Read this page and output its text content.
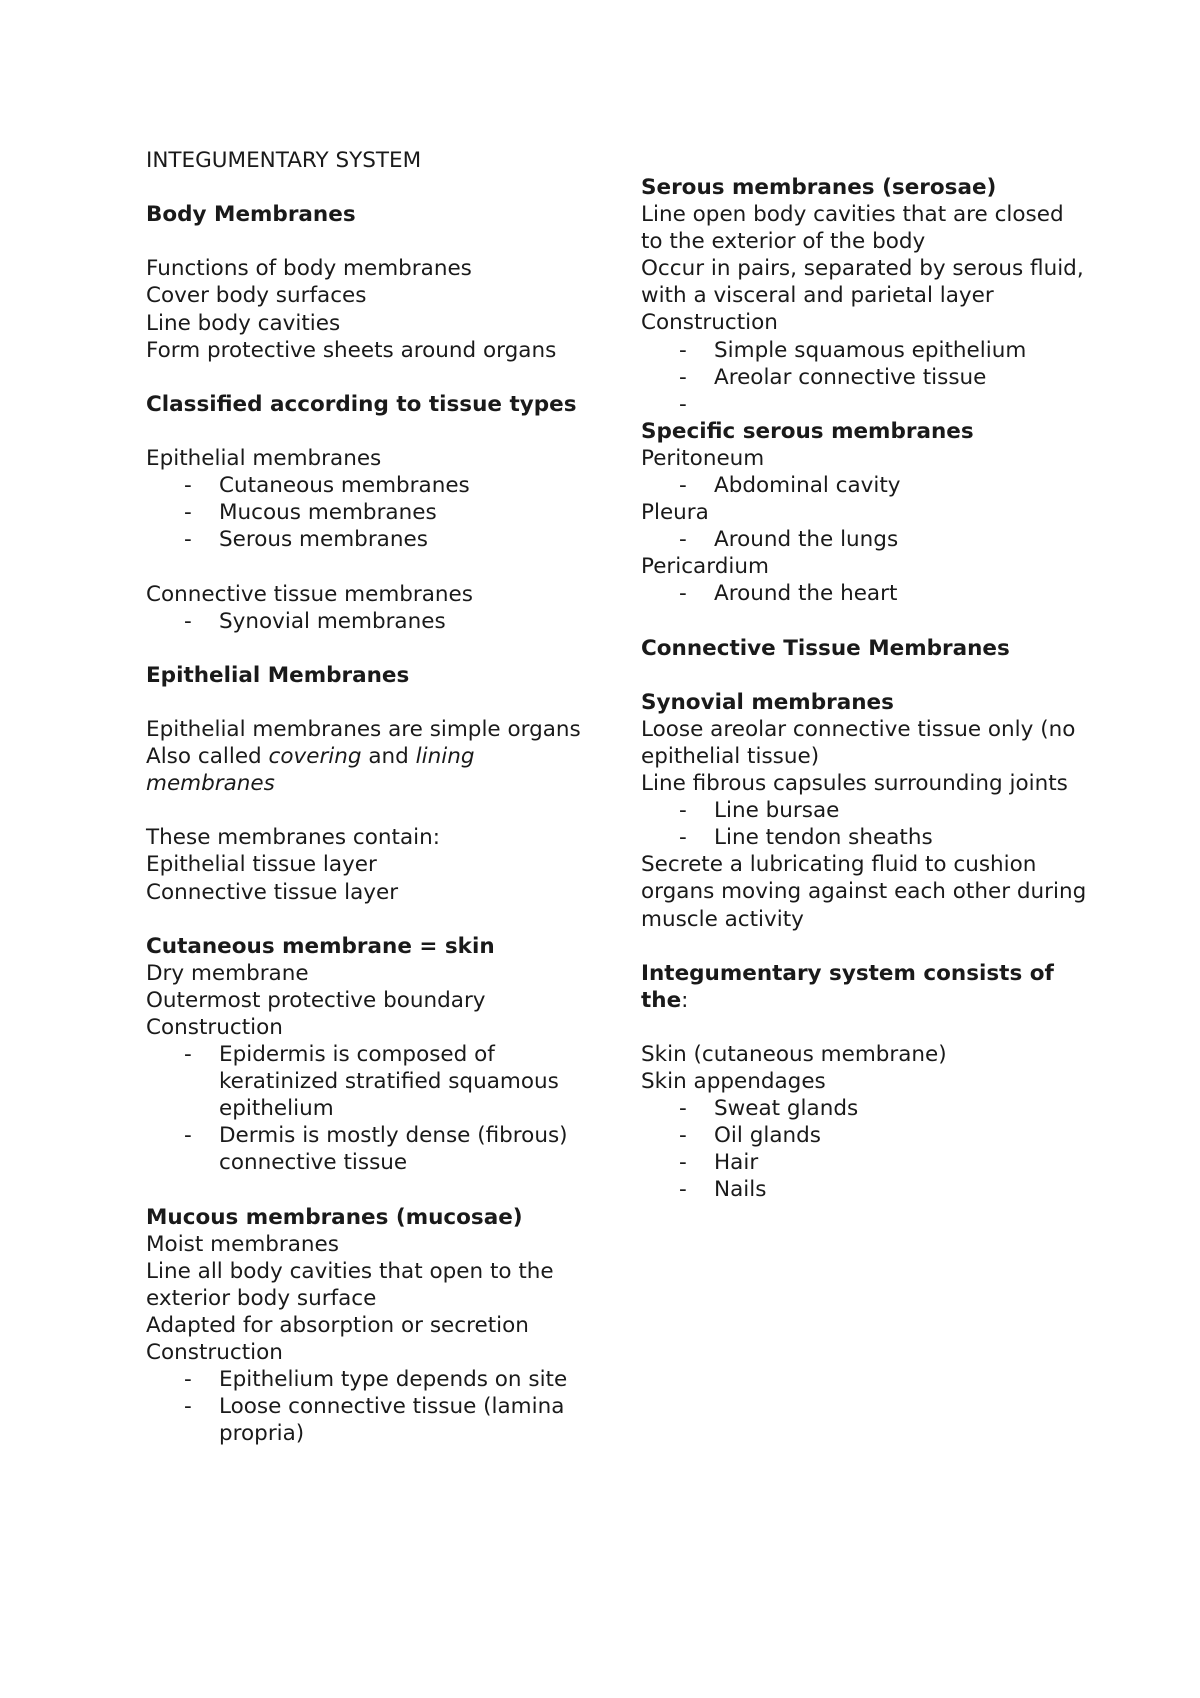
INTEGUMENTARY SYSTEM
Body Membranes
Functions of body membranes
Cover body surfaces
Line body cavities
Form protective sheets around organs
Classified according to tissue types
Epithelial membranes
- Cutaneous membranes
- Mucous membranes
- Serous membranes
Connective tissue membranes
- Synovial membranes
Epithelial Membranes
Epithelial membranes are simple organs
Also called covering and lining membranes
These membranes contain:
Epithelial tissue layer
Connective tissue layer
Cutaneous membrane = skin
Dry membrane
Outermost protective boundary
Construction
- Epidermis is composed of keratinized stratified squamous epithelium
- Dermis is mostly dense (fibrous) connective tissue
Mucous membranes (mucosae)
Moist membranes
Line all body cavities that open to the exterior body surface
Adapted for absorption or secretion
Construction
- Epithelium type depends on site
- Loose connective tissue (lamina propria)
Serous membranes (serosae)
Line open body cavities that are closed to the exterior of the body
Occur in pairs, separated by serous fluid, with a visceral and parietal layer
Construction
- Simple squamous epithelium
- Areolar connective tissue
-
Specific serous membranes
Peritoneum
- Abdominal cavity
Pleura
- Around the lungs
Pericardium
- Around the heart
Connective Tissue Membranes
Synovial membranes
Loose areolar connective tissue only (no epithelial tissue)
Line fibrous capsules surrounding joints
- Line bursae
- Line tendon sheaths
Secrete a lubricating fluid to cushion organs moving against each other during muscle activity
Integumentary system consists of the:
Skin (cutaneous membrane)
Skin appendages
- Sweat glands
- Oil glands
- Hair
- Nails
